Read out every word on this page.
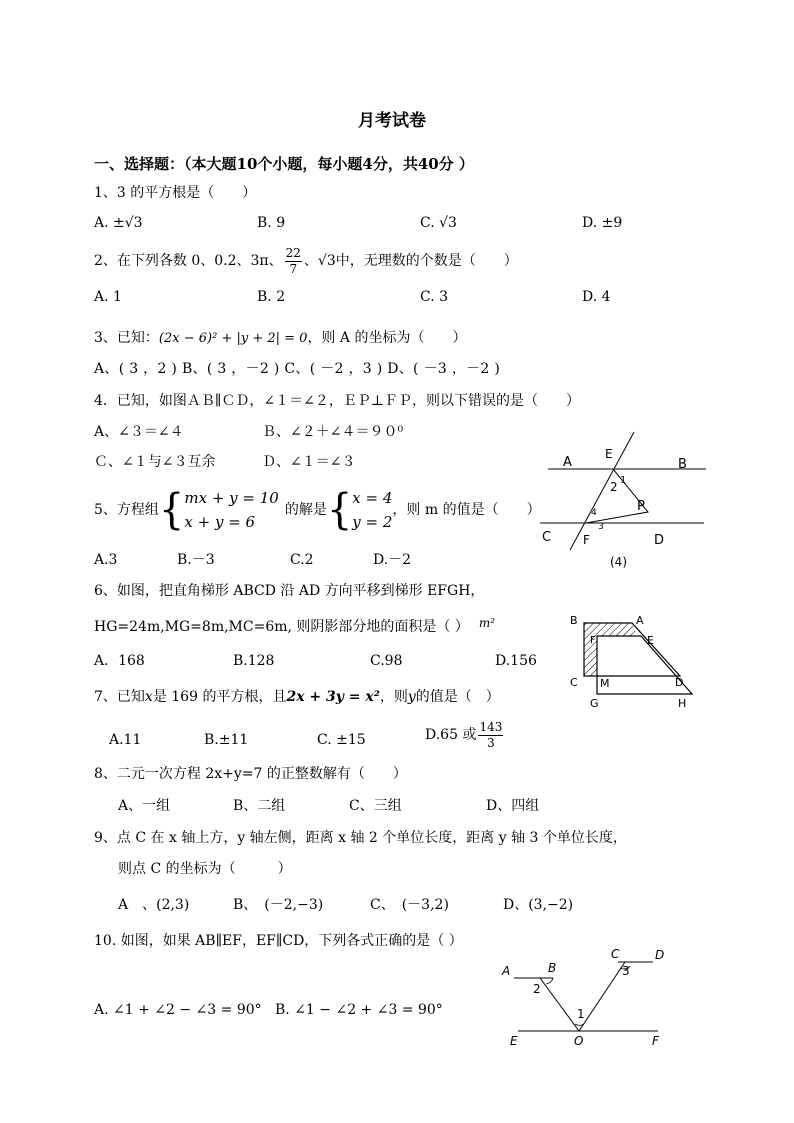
月考试卷
一、选择题：（本大题10个小题，每小题4分，共40分 ）
1、3 的平方根是（　　）
A. ±√3	B. 9	C. √3	D. ±9
2、在下列各数 0、0.2、3π、 $\frac{22}{7}$ 、√3中，无理数的个数是（　　）
A. 1	B. 2	C. 3	D. 4
3、已知：(2x − 6)² + |y + 2| = 0，则 A 的坐标为（　　）
A、( 3 ，2 ) B、( 3 ，－2 ) C、( －2 ，3 ) D、( －3 ，－2 )
4．已知，如图ＡＢ∥ＣＤ，∠１＝∠２，ＥＰ⊥ＦＰ，则以下错误的是（　　）
A、∠３＝∠４	Ｂ、∠２＋∠４＝９０⁰
Ｃ、∠１与∠３互余	Ｄ、∠１＝∠３	A
E
B
1
2
P
4
3
C	F	D
(4)
5、方程组{ mx + y = 10
x + y = 6
的解是{ x = 4
y = 2
，则 m 的值是（　　）
A.3	B.－3	C.2	D.－2
6、如图，把直角梯形 ABCD 沿 AD 方向平移到梯形 EFGH，
HG=24m,MG=8m,MC=6m, 则阴影部分地的面积是（ ） m²
A．168	B.128	C.98	D.156
B	A
F	E
C M	D
G	H
7、已知x是 169 的平方根，且2x + 3y = x²，则y的值是（　）
A.11	B.±11	C. ±15	D.65 或 $\frac{143}{3}$
8、二元一次方程 2x+y=7 的正整数解有（　　）
A、一组	B、二组	C、三组	D、四组
9、点 C 在 x 轴上方，y 轴左侧，距离 x 轴 2 个单位长度，距离 y 轴 3 个单位长度，
则点 C 的坐标为（　　　）
A　、(2,3)	B、　(－2,−3)	C、　(－3,2)	D、(3,−2)
10. 如图，如果 AB∥EF，EF∥CD，下列各式正确的是（ ）
A. ∠1 + ∠2 − ∠3 = 90° B. ∠1 − ∠2 + ∠3 = 90°
A	B
C	D
2
3
1
E	O	F
